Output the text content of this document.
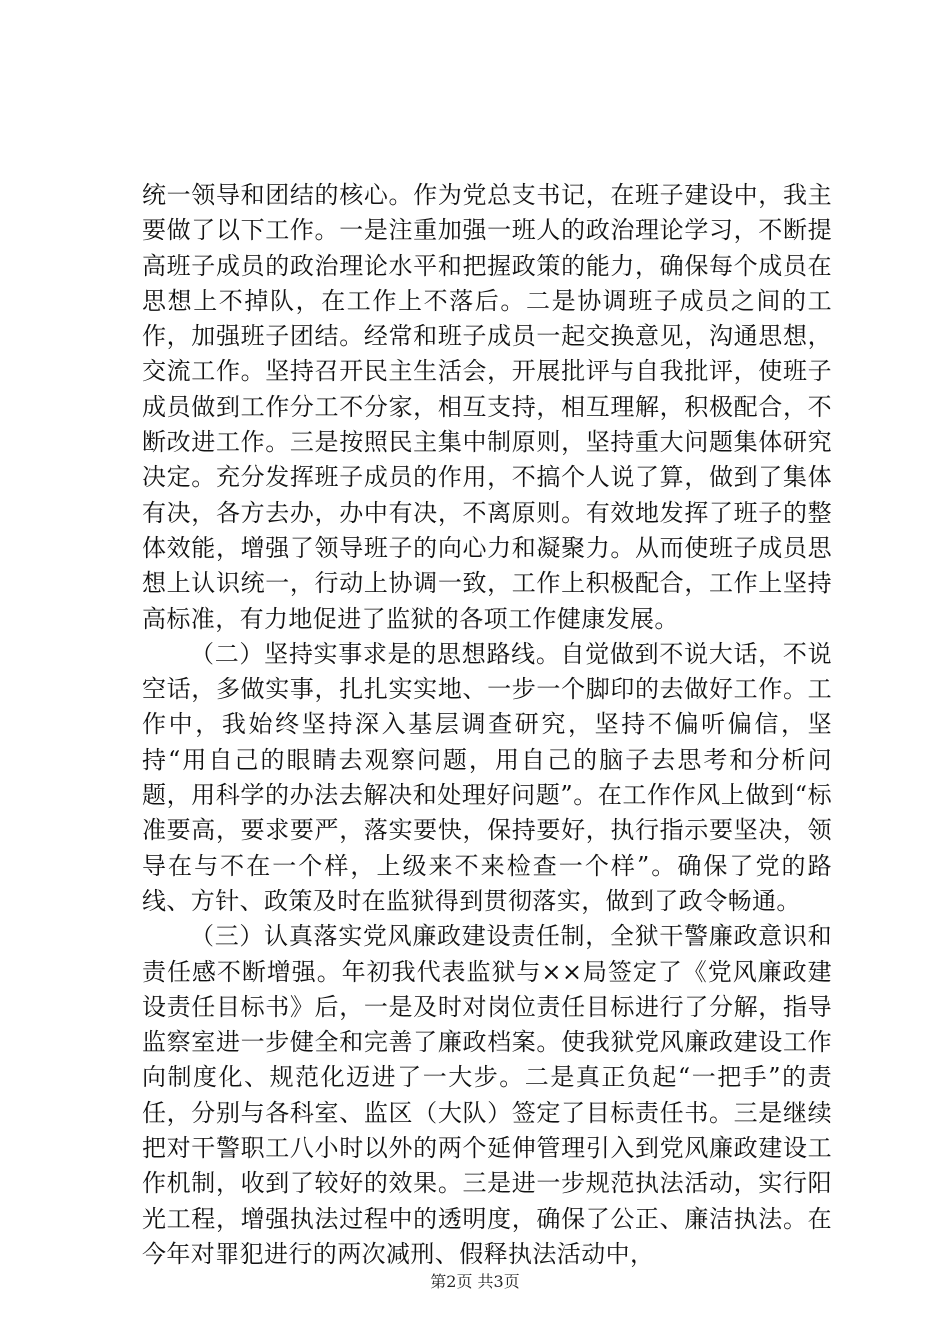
统一领导和团结的核心。作为党总支书记，在班子建设中，我主要做了以下工作。一是注重加强一班人的政治理论学习，不断提高班子成员的政治理论水平和把握政策的能力，确保每个成员在思想上不掉队，在工作上不落后。二是协调班子成员之间的工作，加强班子团结。经常和班子成员一起交换意见，沟通思想，交流工作。坚持召开民主生活会，开展批评与自我批评，使班子成员做到工作分工不分家，相互支持，相互理解，积极配合，不断改进工作。三是按照民主集中制原则，坚持重大问题集体研究决定。充分发挥班子成员的作用，不搞个人说了算，做到了集体有决，各方去办，办中有决，不离原则。有效地发挥了班子的整体效能，增强了领导班子的向心力和凝聚力。从而使班子成员思想上认识统一，行动上协调一致，工作上积极配合，工作上坚持高标准，有力地促进了监狱的各项工作健康发展。

（二）坚持实事求是的思想路线。自觉做到不说大话，不说空话，多做实事，扎扎实实地、一步一个脚印的去做好工作。工作中，我始终坚持深入基层调查研究，坚持不偏听偏信，坚持“用自己的眼睛去观察问题，用自己的脑子去思考和分析问题，用科学的办法去解决和处理好问题”。在工作作风上做到“标准要高，要求要严，落实要快，保持要好，执行指示要坚决，领导在与不在一个样，上级来不来检查一个样”。确保了党的路线、方针、政策及时在监狱得到贯彻落实，做到了政令畅通。

（三）认真落实党风廉政建设责任制，全狱干警廉政意识和责任感不断增强。年初我代表监狱与××局签定了《党风廉政建设责任目标书》后，一是及时对岗位责任目标进行了分解，指导监察室进一步健全和完善了廉政档案。使我狱党风廉政建设工作向制度化、规范化迈进了一大步。二是真正负起“一把手”的责任，分别与各科室、监区（大队）签定了目标责任书。三是继续把对干警职工八小时以外的两个延伸管理引入到党风廉政建设工作机制，收到了较好的效果。三是进一步规范执法活动，实行阳光工程，增强执法过程中的透明度，确保了公正、廉洁执法。在今年对罪犯进行的两次减刑、假释执法活动中，

第2页 共3页
